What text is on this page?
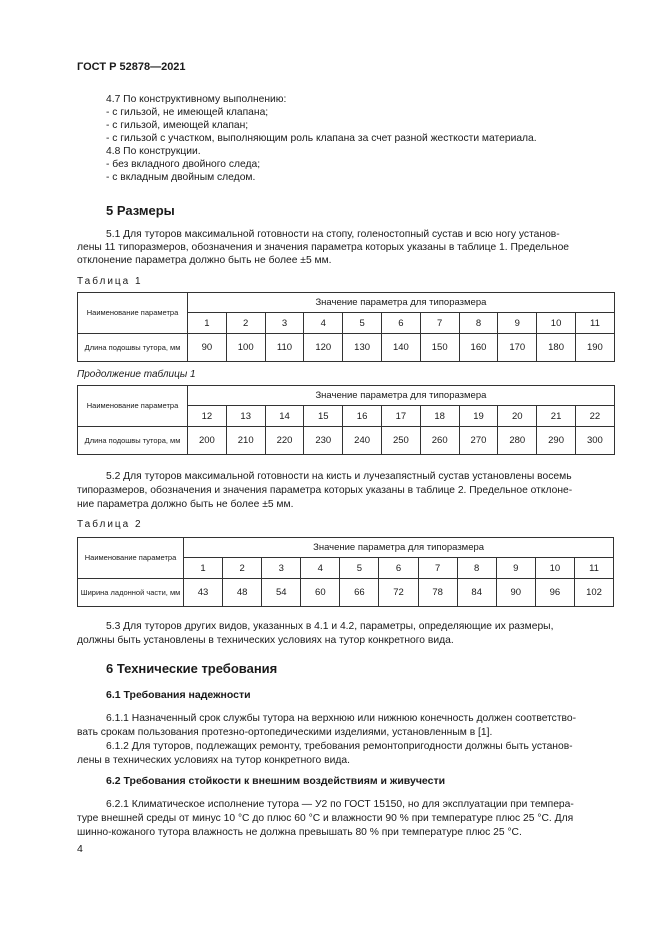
ГОСТ Р 52878—2021
4.7 По конструктивному выполнению:
- с гильзой, не имеющей клапана;
- с гильзой, имеющей клапан;
- с гильзой с участком, выполняющим роль клапана за счет разной жесткости материала.
4.8 По конструкции.
- без вкладного двойного следа;
- с вкладным двойным следом.
5 Размеры
5.1 Для туторов максимальной готовности на стопу, голеностопный сустав и всю ногу установ-
лены 11 типоразмеров, обозначения и значения параметра которых указаны в таблице 1. Предельное
отклонение параметра должно быть не более ±5 мм.
Таблица 1
Наименование параметра	Значение параметра для типоразмера										
	1	2	3	4	5	6	7	8	9	10	11
Длина подошвы тутора, мм	90	100	110	120	130	140	150	160	170	180	190
Продолжение таблицы 1
Наименование параметра	Значение параметра для типоразмера										
	12	13	14	15	16	17	18	19	20	21	22
Длина подошвы тутора, мм	200	210	220	230	240	250	260	270	280	290	300
5.2 Для туторов максимальной готовности на кисть и лучезапястный сустав установлены восемь
типоразмеров, обозначения и значения параметра которых указаны в таблице 2. Предельное отклоне-
ние параметра должно быть не более ±5 мм.
Таблица 2
Наименование параметра	Значение параметра для типоразмера										
	1	2	3	4	5	6	7	8	9	10	11
Ширина ладонной части, мм	43	48	54	60	66	72	78	84	90	96	102
5.3 Для туторов других видов, указанных в 4.1 и 4.2, параметры, определяющие их размеры,
должны быть установлены в технических условиях на тутор конкретного вида.
6 Технические требования
6.1 Требования надежности
6.1.1 Назначенный срок службы тутора на верхнюю или нижнюю конечность должен соответство-
вать срокам пользования протезно-ортопедическими изделиями, установленным в [1].
6.1.2 Для туторов, подлежащих ремонту, требования ремонтопригодности должны быть установ-
лены в технических условиях на тутор конкретного вида.
6.2 Требования стойкости к внешним воздействиям и живучести
6.2.1 Климатическое исполнение тутора — У2 по ГОСТ 15150, но для эксплуатации при темпера-
туре внешней среды от минус 10 °С до плюс 60 °С и влажности 90 % при температуре плюс 25 °С. Для
шинно-кожаного тутора влажность не должна превышать 80 % при температуре плюс 25 °С.
4
